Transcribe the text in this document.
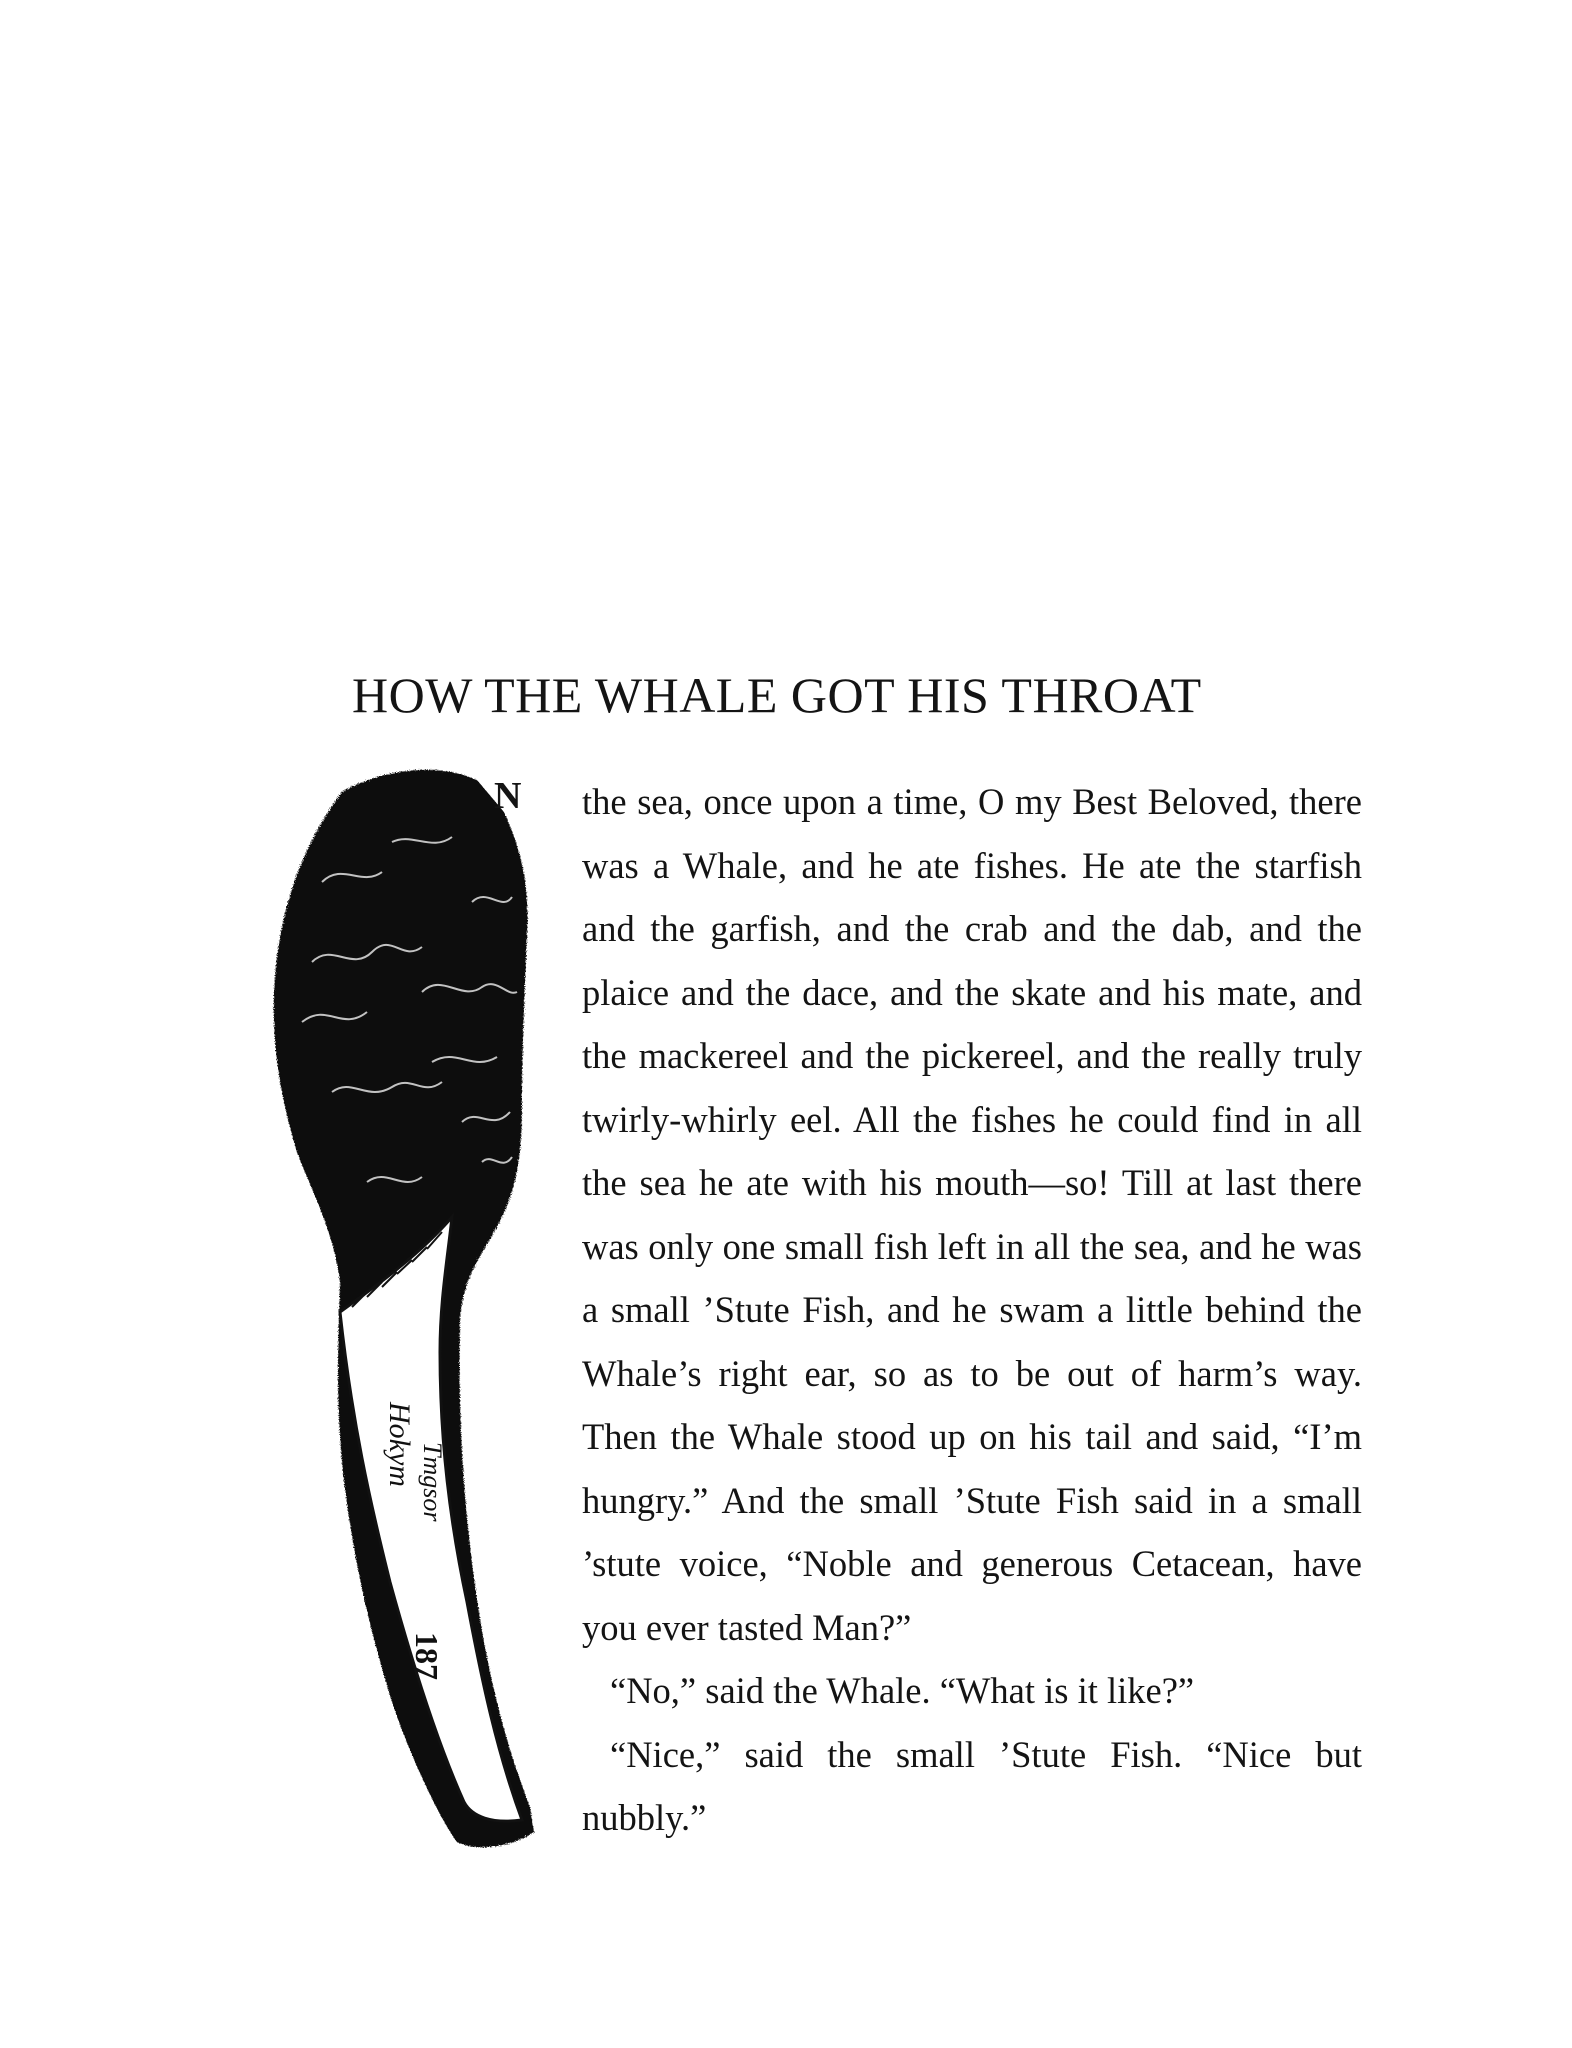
HOW THE WHALE GOT HIS THROAT
Hokym Tmgsor
187
N the sea, once upon a time, O my Best Beloved, there was a Whale, and he ate fishes. He ate the starfish and the garfish, and the crab and the dab, and the plaice and the dace, and the skate and his mate, and the mackereel and the pickereel, and the really truly twirly-whirly eel. All the fishes he could find in all the sea he ate with his mouth—so! Till at last there was only one small fish left in all the sea, and he was a small ’Stute Fish, and he swam a little behind the Whale’s right ear, so as to be out of harm’s way. Then the Whale stood up on his tail and said, “I’m hungry.” And the small ’Stute Fish said in a small ’stute voice, “Noble and generous Cetacean, have you ever tasted Man?”

“No,” said the Whale. “What is it like?”

“Nice,” said the small ’Stute Fish. “Nice but nubbly.”
